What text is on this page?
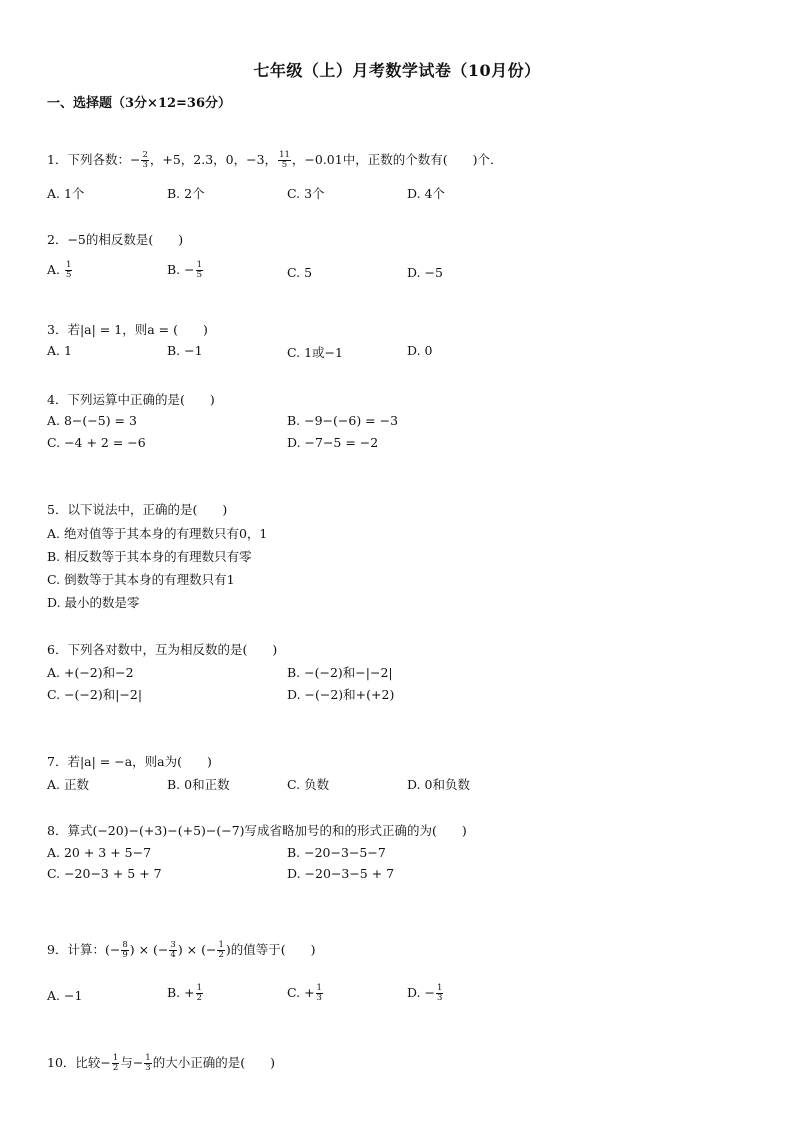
七年级（上）月考数学试卷（10月份）
一、选择题（3分×12=36分）
1．下列各数：− $\frac{2}{3}$ ，+5，2.3，0，−3， $\frac{11}{5}$ ，−0.01中，正数的个数有(　　)个．
A. 1个	B. 2个	C. 3个	D. 4个
2．−5的相反数是(　　)
A. $\frac{1}{5}$	B. − $\frac{1}{5}$	C. 5	D. −5
3．若|a| = 1，则a = (　　)
A. 1	B. −1	C. 1或−1	D. 0
4．下列运算中正确的是(　　)
A. 8−(−5) = 3	B. −9−(−6) = −3
C. −4 + 2 = −6	D. −7−5 = −2
5．以下说法中，正确的是(　　)
A. 绝对值等于其本身的有理数只有0，1
B. 相反数等于其本身的有理数只有零
C. 倒数等于其本身的有理数只有1
D. 最小的数是零
6．下列各对数中，互为相反数的是(　　)
A. +(−2)和−2	B. −(−2)和−|−2|
C. −(−2)和|−2|	D. −(−2)和+(+2)
7．若|a| = −a，则a为(　　)
A. 正数	B. 0和正数	C. 负数	D. 0和负数
8．算式(−20)−(+3)−(+5)−(−7)写成省略加号的和的形式正确的为(　　)
A. 20 + 3 + 5−7	B. −20−3−5−7
C. −20−3 + 5 + 7	D. −20−3−5 + 7
9．计算：(− $\frac{8}{9}$ ) × (− $\frac{3}{4}$ ) × (− $\frac{1}{2}$ )的值等于(　　)
A. −1	B. + $\frac{1}{2}$	C. + $\frac{1}{3}$	D. − $\frac{1}{3}$
10．比较− $\frac{1}{2}$ 与− $\frac{1}{3}$ 的大小正确的是(　　)
